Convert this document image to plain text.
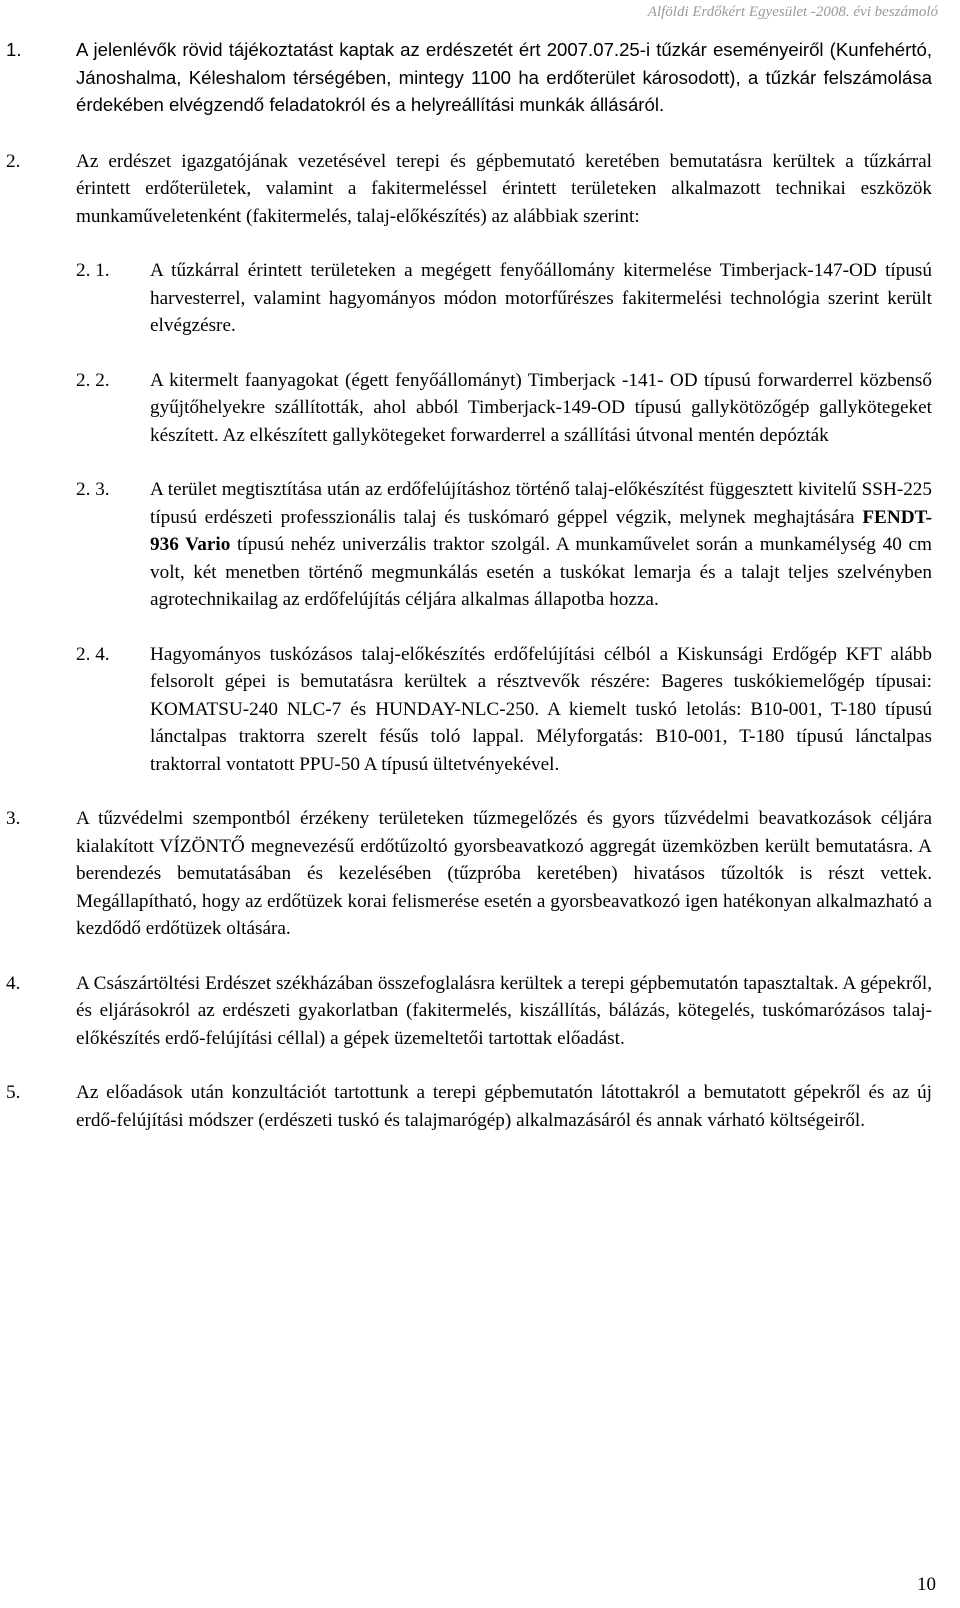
Alföldi Erdőkért Egyesület -2008. évi beszámoló
1.	A jelenlévők rövid tájékoztatást kaptak az erdészetét ért 2007.07.25-i tűzkár eseményeiről (Kunfehértó, Jánoshalma, Kéleshalom térségében, mintegy 1100 ha erdőterület károsodott), a tűzkár felszámolása érdekében elvégzendő feladatokról és a helyreállítási munkák állásáról.
2.	Az erdészet igazgatójának vezetésével terepi és gépbemutató keretében bemutatásra kerültek a tűzkárral érintett erdőterületek, valamint a fakitermeléssel érintett területeken alkalmazott technikai eszközök munkaműveletenként (fakitermelés, talaj-előkészítés) az alábbiak szerint:
2. 1. A tűzkárral érintett területeken a megégett fenyőállomány kitermelése Timberjack-147-OD típusú harvesterrel, valamint hagyományos módon motorfűrészes fakitermelési technológia szerint került elvégzésre.
2. 2. A kitermelt faanyagokat (égett fenyőállományt) Timberjack -141- OD típusú forwarderrel közbenső gyűjtőhelyekre szállították, ahol abból Timberjack-149-OD típusú gallykötözőgép gallykötegeket készített. Az elkészített gallykötegeket forwarderrel a szállítási útvonal mentén depózták
2. 3. A terület megtisztítása után az erdőfelújításhoz történő talaj-előkészítést függesztett kivitelű SSH-225 típusú erdészeti professzionális talaj és tuskómaró géppel végzik, melynek meghajtására FENDT- 936 Vario típusú nehéz univerzális traktor szolgál. A munkaművelet során a munkamélység 40 cm volt, két menetben történő megmunkálás esetén a tuskókat lemarja és a talajt teljes szelvényben agrotechnikailag az erdőfelújítás céljára alkalmas állapotba hozza.
2. 4. Hagyományos tuskózásos talaj-előkészítés erdőfelújítási célból a Kiskunsági Erdőgép KFT alább felsorolt gépei is bemutatásra kerültek a résztvevők részére: Bageres tuskókiemelőgép típusai: KOMATSU-240 NLC-7 és HUNDAY-NLC-250. A kiemelt tuskó letolás: B10-001, T-180 típusú lánctalpas traktorra szerelt fésűs toló lappal. Mélyforgatás: B10-001, T-180 típusú lánctalpas traktorral vontatott PPU-50 A típusú ültetvényekével.
3.	A tűzvédelmi szempontból érzékeny területeken tűzmegelőzés és gyors tűzvédelmi beavatkozások céljára kialakított VÍZÖNTŐ megnevezésű erdőtűzoltó gyorsbeavatkozó aggregát üzemközben került bemutatásra. A berendezés bemutatásában és kezelésében (tűzpróba keretében) hivatásos tűzoltók is részt vettek. Megállapítható, hogy az erdőtüzek korai felismerése esetén a gyorsbeavatkozó igen hatékonyan alkalmazható a kezdődő erdőtüzek oltására.
4.	A Császártöltési Erdészet székházában összefoglalásra kerültek a terepi gépbemutatón tapasztaltak. A gépekről, és eljárásokról az erdészeti gyakorlatban (fakitermelés, kiszállítás, bálázás, kötegelés, tuskómarózásos talaj-előkészítés erdő-felújítási céllal) a gépek üzemeltetői tartottak előadást.
5.	Az előadások után konzultációt tartottunk a terepi gépbemutatón látottakról a bemutatott gépekről és az új erdő-felújítási módszer (erdészeti tuskó és talajmarógép) alkalmazásáról és annak várható költségeiről.
10
